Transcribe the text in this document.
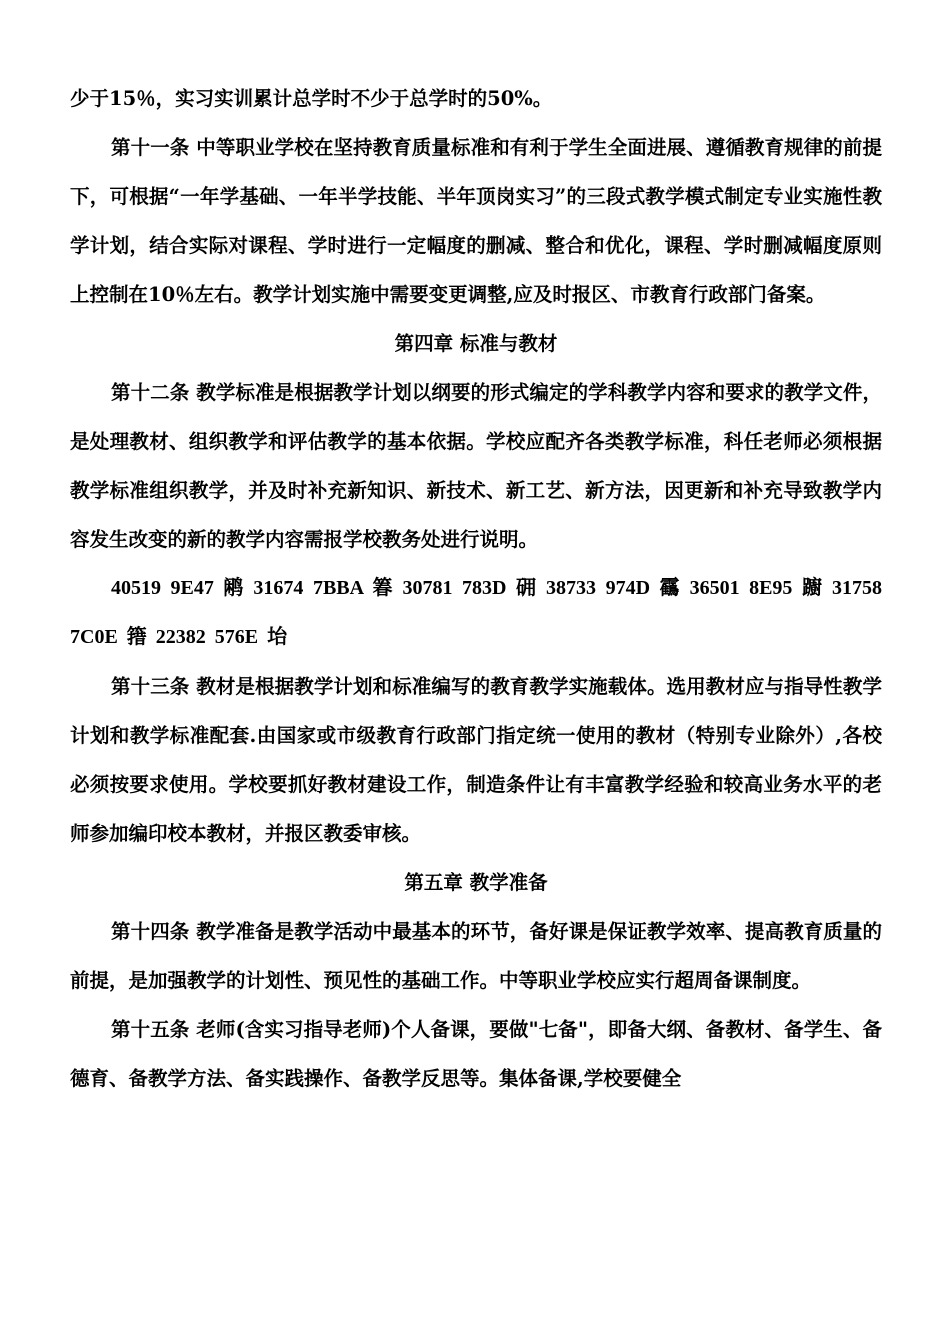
少于15％，实习实训累计总学时不少于总学时的50%。

第十一条 中等职业学校在坚持教育质量标准和有利于学生全面进展、遵循教育规律的前提下，可根据“一年学基础、一年半学技能、半年顶岗实习”的三段式教学模式制定专业实施性教学计划，结合实际对课程、学时进行一定幅度的删减、整合和优化，课程、学时删减幅度原则上控制在10％左右。教学计划实施中需要变更调整,应及时报区、市教育行政部门备案。

第四章 标准与教材

第十二条 教学标准是根据教学计划以纲要的形式编定的学科教学内容和要求的教学文件，是处理教材、组织教学和评估教学的基本依据。学校应配齐各类教学标准，科任老师必须根据教学标准组织教学，并及时补充新知识、新技术、新工艺、新方法，因更新和补充导致教学内容发生改变的新的教学内容需报学校教务处进行说明。

40519 9E47 鹇 31674 7BBA 箺 30781 783D 砽 38733 974D 靍 36501 8E95 躕 31758 7C0E 簎 22382 576E 坮

第十三条 教材是根据教学计划和标准编写的教育教学实施载体。选用教材应与指导性教学计划和教学标准配套.由国家或市级教育行政部门指定统一使用的教材（特别专业除外）,各校必须按要求使用。学校要抓好教材建设工作，制造条件让有丰富教学经验和较高业务水平的老师参加编印校本教材，并报区教委审核。

第五章 教学准备

第十四条 教学准备是教学活动中最基本的环节，备好课是保证教学效率、提高教育质量的前提，是加强教学的计划性、预见性的基础工作。中等职业学校应实行超周备课制度。

第十五条 老师(含实习指导老师)个人备课，要做"七备"，即备大纲、备教材、备学生、备德育、备教学方法、备实践操作、备教学反思等。集体备课,学校要健全
